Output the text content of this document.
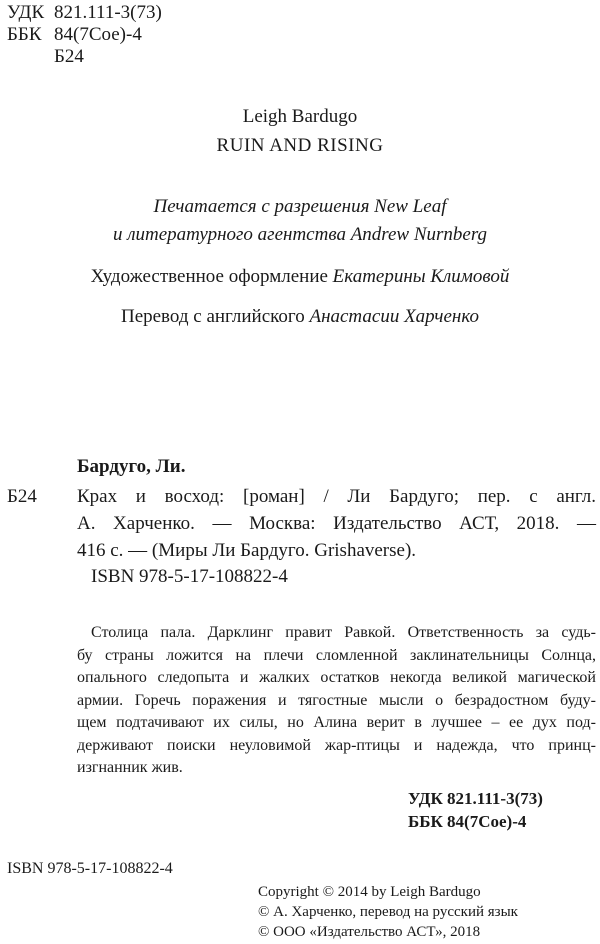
УДК 821.111-3(73)
ББК 84(7Сое)-4
Б24
Leigh Bardugo
RUIN AND RISING
Печатается с разрешения New Leaf
и литературного агентства Andrew Nurnberg
Художественное оформление Екатерины Климовой
Перевод с английского Анастасии Харченко
Бардуго, Ли.
Б24 Крах и восход: [роман] / Ли Бардуго; пер. с англ.
А. Харченко. — Москва: Издательство АСТ, 2018. —
416 с. — (Миры Ли Бардуго. Grishaverse).
ISBN 978-5-17-108822-4
Столица пала. Дарклинг правит Равкой. Ответственность за судь-
бу страны ложится на плечи сломленной заклинательницы Солнца,
опального следопыта и жалких остатков некогда великой магической
армии. Горечь поражения и тягостные мысли о безрадостном буду-
щем подтачивают их силы, но Алина верит в лучшее – ее дух под-
держивают поиски неуловимой жар-птицы и надежда, что принц-
изгнанник жив.
УДК 821.111-3(73)
ББК 84(7Сое)-4
ISBN 978-5-17-108822-4
Copyright © 2014 by Leigh Bardugo
© А. Харченко, перевод на русский язык
© ООО «Издательство АСТ», 2018
